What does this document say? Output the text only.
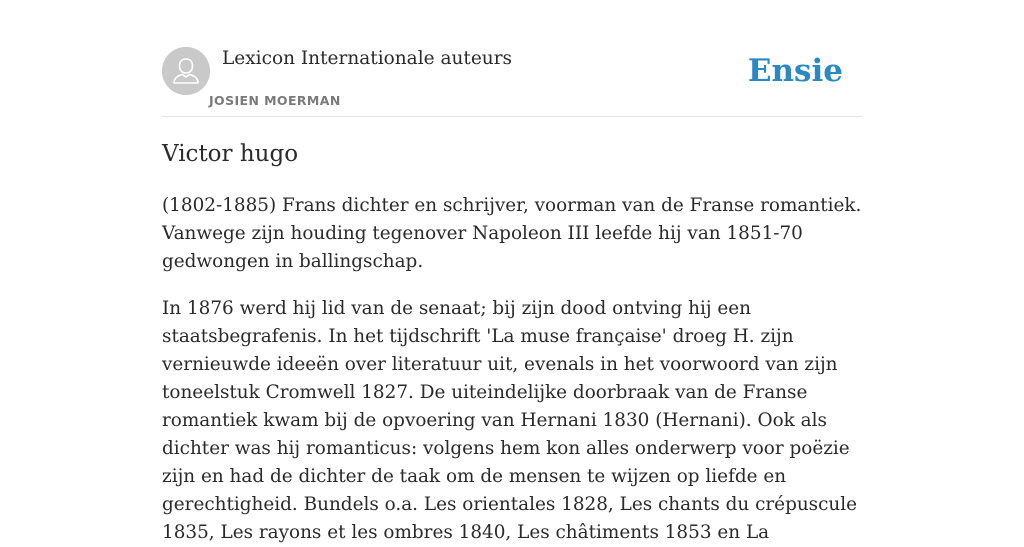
Lexicon Internationale auteurs
JOSIEN MOERMAN
Ensie
Victor hugo

(1802-1885) Frans dichter en schrijver, voorman van de Franse romantiek. Vanwege zijn houding tegenover Napoleon III leefde hij van 1851-70 gedwongen in ballingschap.

In 1876 werd hij lid van de senaat; bij zijn dood ontving hij een staatsbegrafenis. In het tijdschrift 'La muse française' droeg H. zijn vernieuwde ideeën over literatuur uit, evenals in het voorwoord van zijn toneelstuk Cromwell 1827. De uiteindelijke doorbraak van de Franse romantiek kwam bij de opvoering van Hernani 1830 (Hernani). Ook als dichter was hij romanticus: volgens hem kon alles onderwerp voor poëzie zijn en had de dichter de taak om de mensen te wijzen op liefde en gerechtigheid. Bundels o.a. Les orientales 1828, Les chants du crépuscule 1835, Les rayons et les ombres 1840, Les châtiments 1853 en La
